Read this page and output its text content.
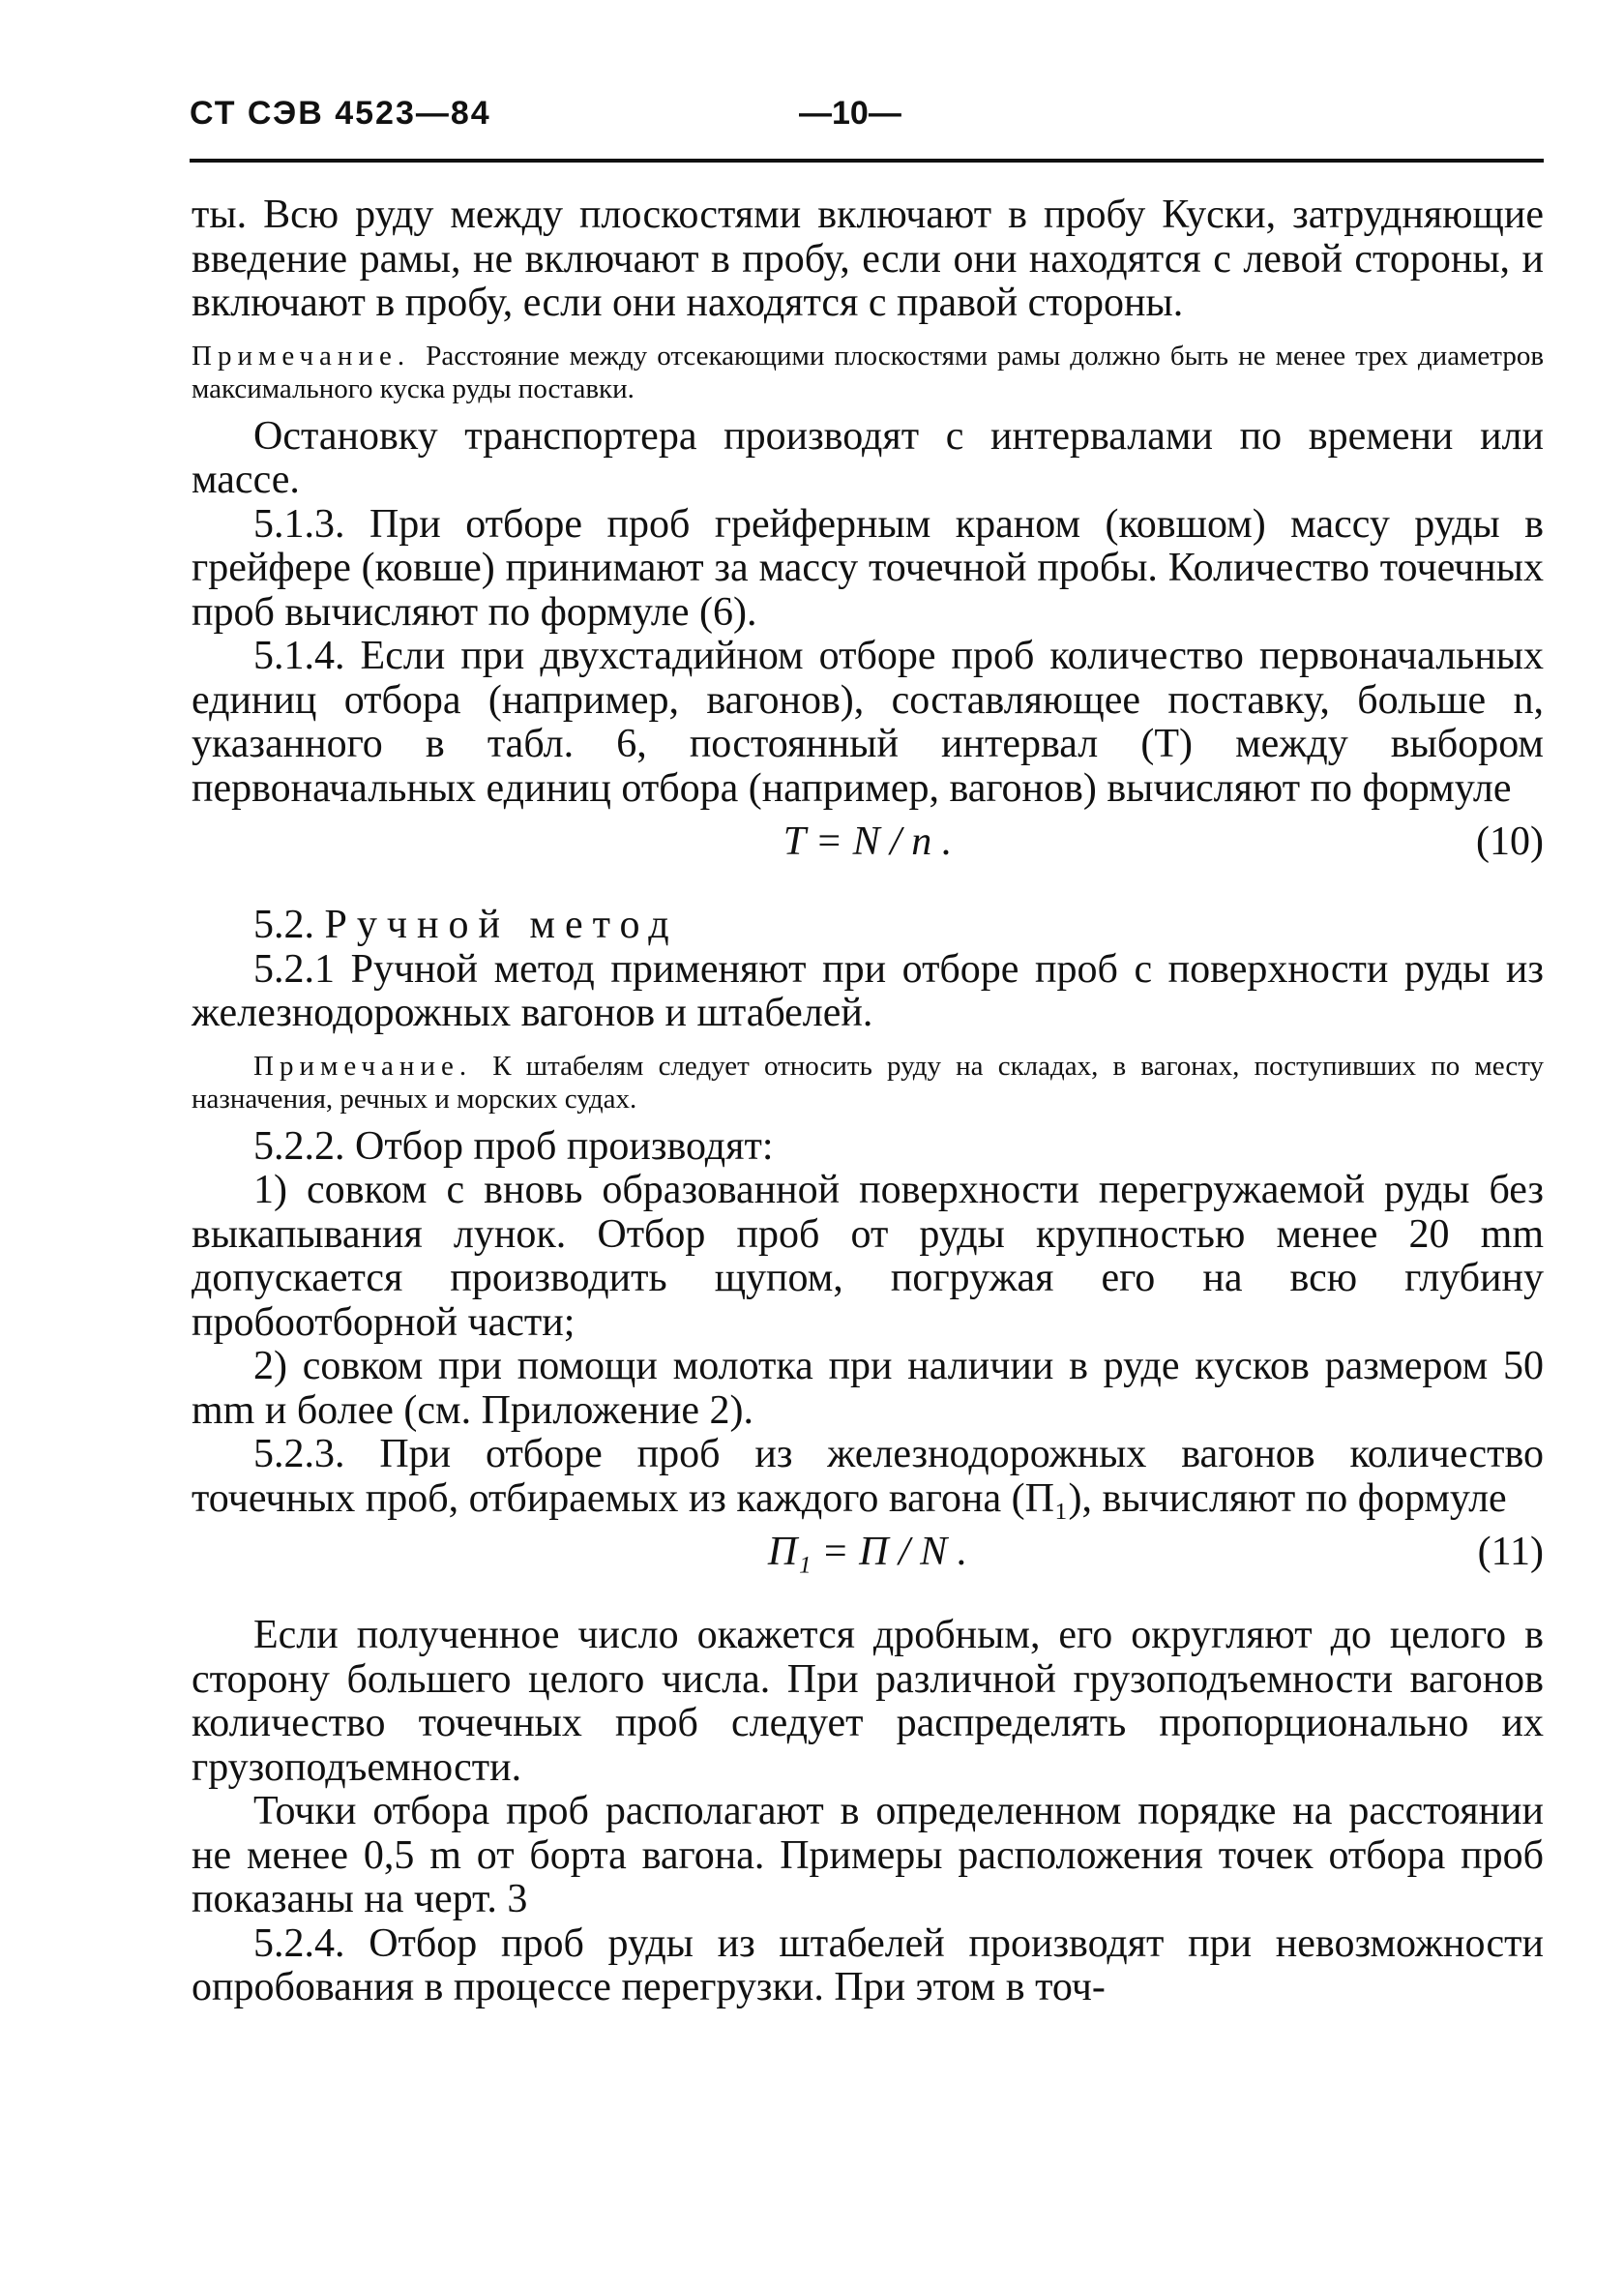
СТ СЭВ 4523—84	—10—

ты. Всю руду между плоскостями включают в пробу Куски, затрудняющие введение рамы, не включают в пробу, если они находятся с левой стороны, и включают в пробу, если они находятся с правой стороны.

Примечание. Расстояние между отсекающими плоскостями рамы должно быть не менее трех диаметров максимального куска руды поставки.

Остановку транспортера производят с интервалами по времени или массе.

5.1.3. При отборе проб грейферным краном (ковшом) массу руды в грейфере (ковше) принимают за массу точечной пробы. Количество точечных проб вычисляют по формуле (6).

5.1.4. Если при двухстадийном отборе проб количество первоначальных единиц отбора (например, вагонов), составляющее поставку, больше n, указанного в табл. 6, постоянный интервал (T) между выбором первоначальных единиц отбора (например, вагонов) вычисляют по формуле

T = N / n .	(10)

5.2. Ручной метод

5.2.1 Ручной метод применяют при отборе проб с поверхности руды из железнодорожных вагонов и штабелей.

Примечание. К штабелям следует относить руду на складах, в вагонах, поступивших по месту назначения, речных и морских судах.

5.2.2. Отбор проб производят:

1) совком с вновь образованной поверхности перегружаемой руды без выкапывания лунок. Отбор проб от руды крупностью менее 20 mm допускается производить щупом, погружая его на всю глубину пробоотборной части;

2) совком при помощи молотка при наличии в руде кусков размером 50 mm и более (см. Приложение 2).

5.2.3. При отборе проб из железнодорожных вагонов количество точечных проб, отбираемых из каждого вагона (П₁), вычисляют по формуле

П₁ = П / N .	(11)

Если полученное число окажется дробным, его округляют до целого в сторону большего целого числа. При различной грузоподъемности вагонов количество точечных проб следует распределять пропорционально их грузоподъемности.

Точки отбора проб располагают в определенном порядке на расстоянии не менее 0,5 m от борта вагона. Примеры расположения точек отбора проб показаны на черт. 3

5.2.4. Отбор проб руды из штабелей производят при невозможности опробования в процессе перегрузки. При этом в точ-
